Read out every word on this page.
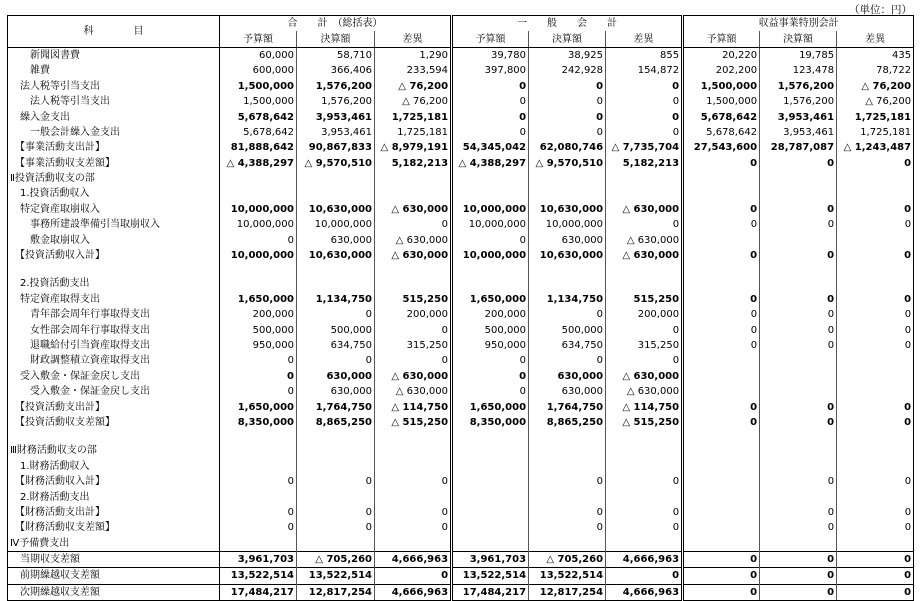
（単位：円）
科　　　　目	合　　計　（総括表）			一　　般　　会　　計			収益事業特別会計		
	予算額	決算額	差異	予算額	決算額	差異	予算額	決算額	差異
　　新聞図書費	60,000	58,710	1,290	39,780	38,925	855	20,220	19,785	435
　　雑費	600,000	366,406	233,594	397,800	242,928	154,872	202,200	123,478	78,722
　法人税等引当支出	1,500,000	1,576,200	△ 76,200	0	0	0	1,500,000	1,576,200	△ 76,200
　　法人税等引当支出	1,500,000	1,576,200	△ 76,200	0	0	0	1,500,000	1,576,200	△ 76,200
　繰入金支出	5,678,642	3,953,461	1,725,181	0	0	0	5,678,642	3,953,461	1,725,181
　　一般会計繰入金支出	5,678,642	3,953,461	1,725,181	0	0	0	5,678,642	3,953,461	1,725,181
　【事業活動支出計】	81,888,642	90,867,833	△ 8,979,191	54,345,042	62,080,746	△ 7,735,704	27,543,600	28,787,087	△ 1,243,487
　【事業活動収支差額】	△ 4,388,297	△ 9,570,510	5,182,213	△ 4,388,297	△ 9,570,510	5,182,213	0	0	0
Ⅱ投資活動収支の部									
　1.投資活動収入									
　特定資産取崩収入	10,000,000	10,630,000	△ 630,000	10,000,000	10,630,000	△ 630,000	0	0	0
　　事務所建設準備引当取崩収入	10,000,000	10,000,000	0	10,000,000	10,000,000	0	0	0	0
　　敷金取崩収入	0	630,000	△ 630,000	0	630,000	△ 630,000			
　【投資活動収入計】	10,000,000	10,630,000	△ 630,000	10,000,000	10,630,000	△ 630,000	0	0	0

　2.投資活動支出									
　特定資産取得支出	1,650,000	1,134,750	515,250	1,650,000	1,134,750	515,250	0	0	0
　　青年部会周年行事取得支出	200,000	0	200,000	200,000	0	200,000	0	0	0
　　女性部会周年行事取得支出	500,000	500,000	0	500,000	500,000	0	0	0	0
　　退職給付引当資産取得支出	950,000	634,750	315,250	950,000	634,750	315,250	0	0	0
　　財政調整積立資産取得支出	0	0	0	0	0	0			
　受入敷金・保証金戻し支出	0	630,000	△ 630,000	0	630,000	△ 630,000			
　　受入敷金・保証金戻し支出	0	630,000	△ 630,000	0	630,000	△ 630,000			
　【投資活動支出計】	1,650,000	1,764,750	△ 114,750	1,650,000	1,764,750	△ 114,750	0	0	0
　【投資活動収支差額】	8,350,000	8,865,250	△ 515,250	8,350,000	8,865,250	△ 515,250	0	0	0

Ⅲ財務活動収支の部									
　1.財務活動収入									
　【財務活動収入計】	0	0	0		0	0		0	0
　2.財務活動支出									
　【財務活動支出計】	0	0	0		0	0		0	0
　【財務活動収支差額】	0	0	0		0	0		0	0
Ⅳ予備費支出									
　当期収支差額	3,961,703	△ 705,260	4,666,963	3,961,703	△ 705,260	4,666,963	0	0	0
　前期繰越収支差額	13,522,514	13,522,514	0	13,522,514	13,522,514	0	0	0	0
　次期繰越収支差額	17,484,217	12,817,254	4,666,963	17,484,217	12,817,254	4,666,963	0	0	0
